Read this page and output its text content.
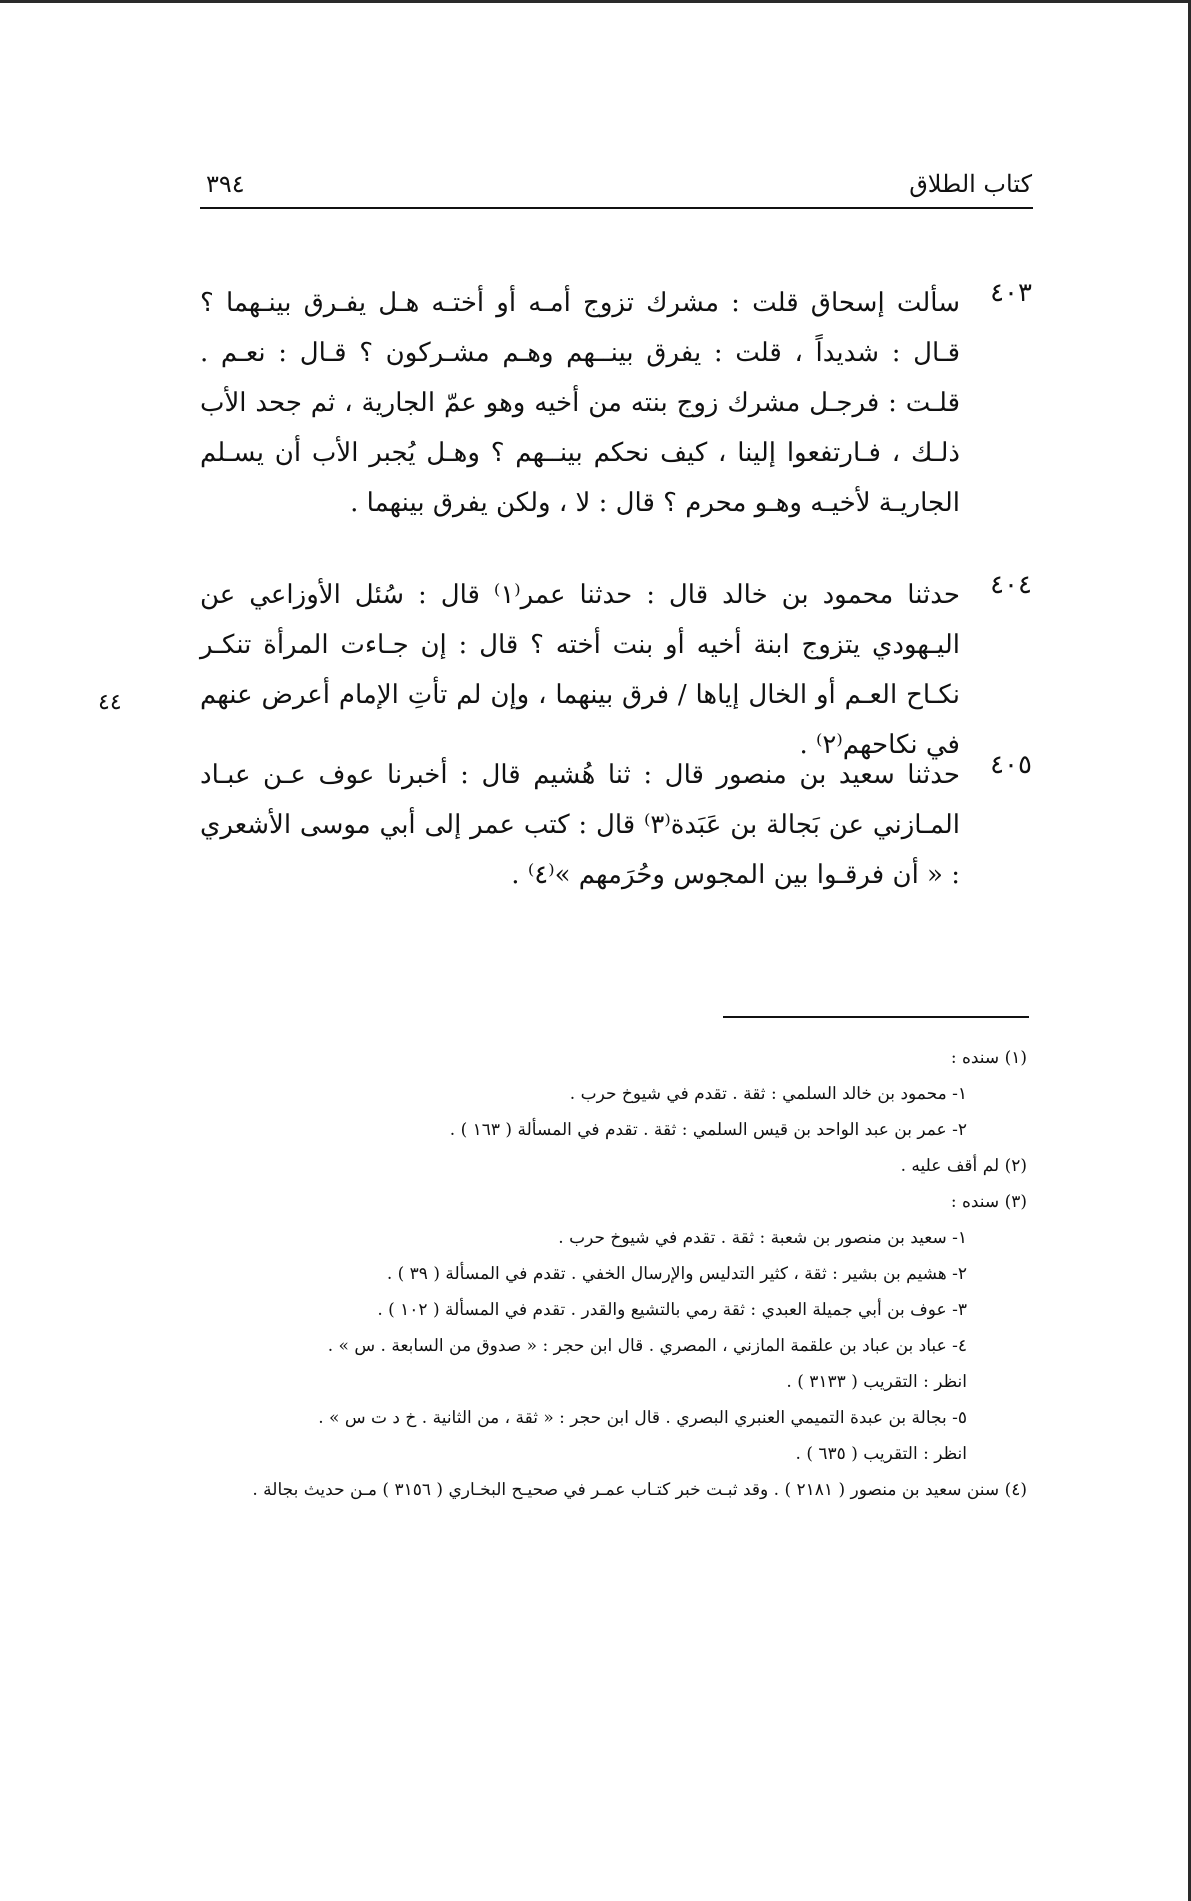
كتاب الطلاق
٣٩٤
٤٠٣
سألت إسحاق قلت : مشرك تزوج أمـه أو أختـه هـل يفـرق بينـهما ؟ قـال : شديداً ، قلت : يفرق بينــهم وهـم مشـركون ؟ قـال : نعـم . قلـت : فرجـل مشرك زوج بنته من أخيه وهو عمّ الجارية ، ثم جحد الأب ذلـك ، فـارتفعوا إلينا ، كيف نحكم بينــهم ؟ وهـل يُجبر الأب أن يسـلم الجاريـة لأخيـه وهـو محرم ؟ قال : لا ، ولكن يفرق بينهما .
٤٠٤
حدثنا محمود بن خالد قال : حدثنا عمر⁽١⁾ قال : سُئل الأوزاعي عن اليـهودي يتزوج ابنة أخيه أو بنت أخته ؟ قال : إن جـاءت المرأة تنكـر نكـاح العـم أو الخال إياها / فرق بينهما ، وإن لم تأتِ الإمام أعرض عنهم في نكاحهم⁽٢⁾ .
٤٤
٤٠٥
حدثنا سعيد بن منصور قال : ثنا هُشيم قال : أخبرنا عوف عـن عبـاد المـازني عن بَجالة بن عَبَدة⁽٣⁾ قال : كتب عمر إلى أبي موسى الأشعري : « أن فرقـوا بين المجوس وحُرَمهم »⁽٤⁾ .

(١) سنده :

١- محمود بن خالد السلمي : ثقة . تقدم في شيوخ حرب .

٢- عمر بن عبد الواحد بن قيس السلمي : ثقة . تقدم في المسألة ( ١٦٣ ) .

(٢) لم أقف عليه .

(٣) سنده :

١- سعيد بن منصور بن شعبة : ثقة . تقدم في شيوخ حرب .

٢- هشيم بن بشير : ثقة ، كثير التدليس والإرسال الخفي . تقدم في المسألة ( ٣٩ ) .

٣- عوف بن أبي جميلة العبدي : ثقة رمي بالتشيع والقدر . تقدم في المسألة ( ١٠٢ ) .

٤- عباد بن عباد بن علقمة المازني ، المصري . قال ابن حجر : « صدوق من السابعة . س » .

انظر : التقريب ( ٣١٣٣ ) .

٥- بجالة بن عبدة التميمي العنبري البصري . قال ابن حجر : « ثقة ، من الثانية . خ د ت س » .

انظر : التقريب ( ٦٣٥ ) .

(٤) سنن سعيد بن منصور ( ٢١٨١ ) . وقد ثبـت خبر كتـاب عمـر في صحيـح البخـاري ( ٣١٥٦ ) مـن حديث بجالة .
